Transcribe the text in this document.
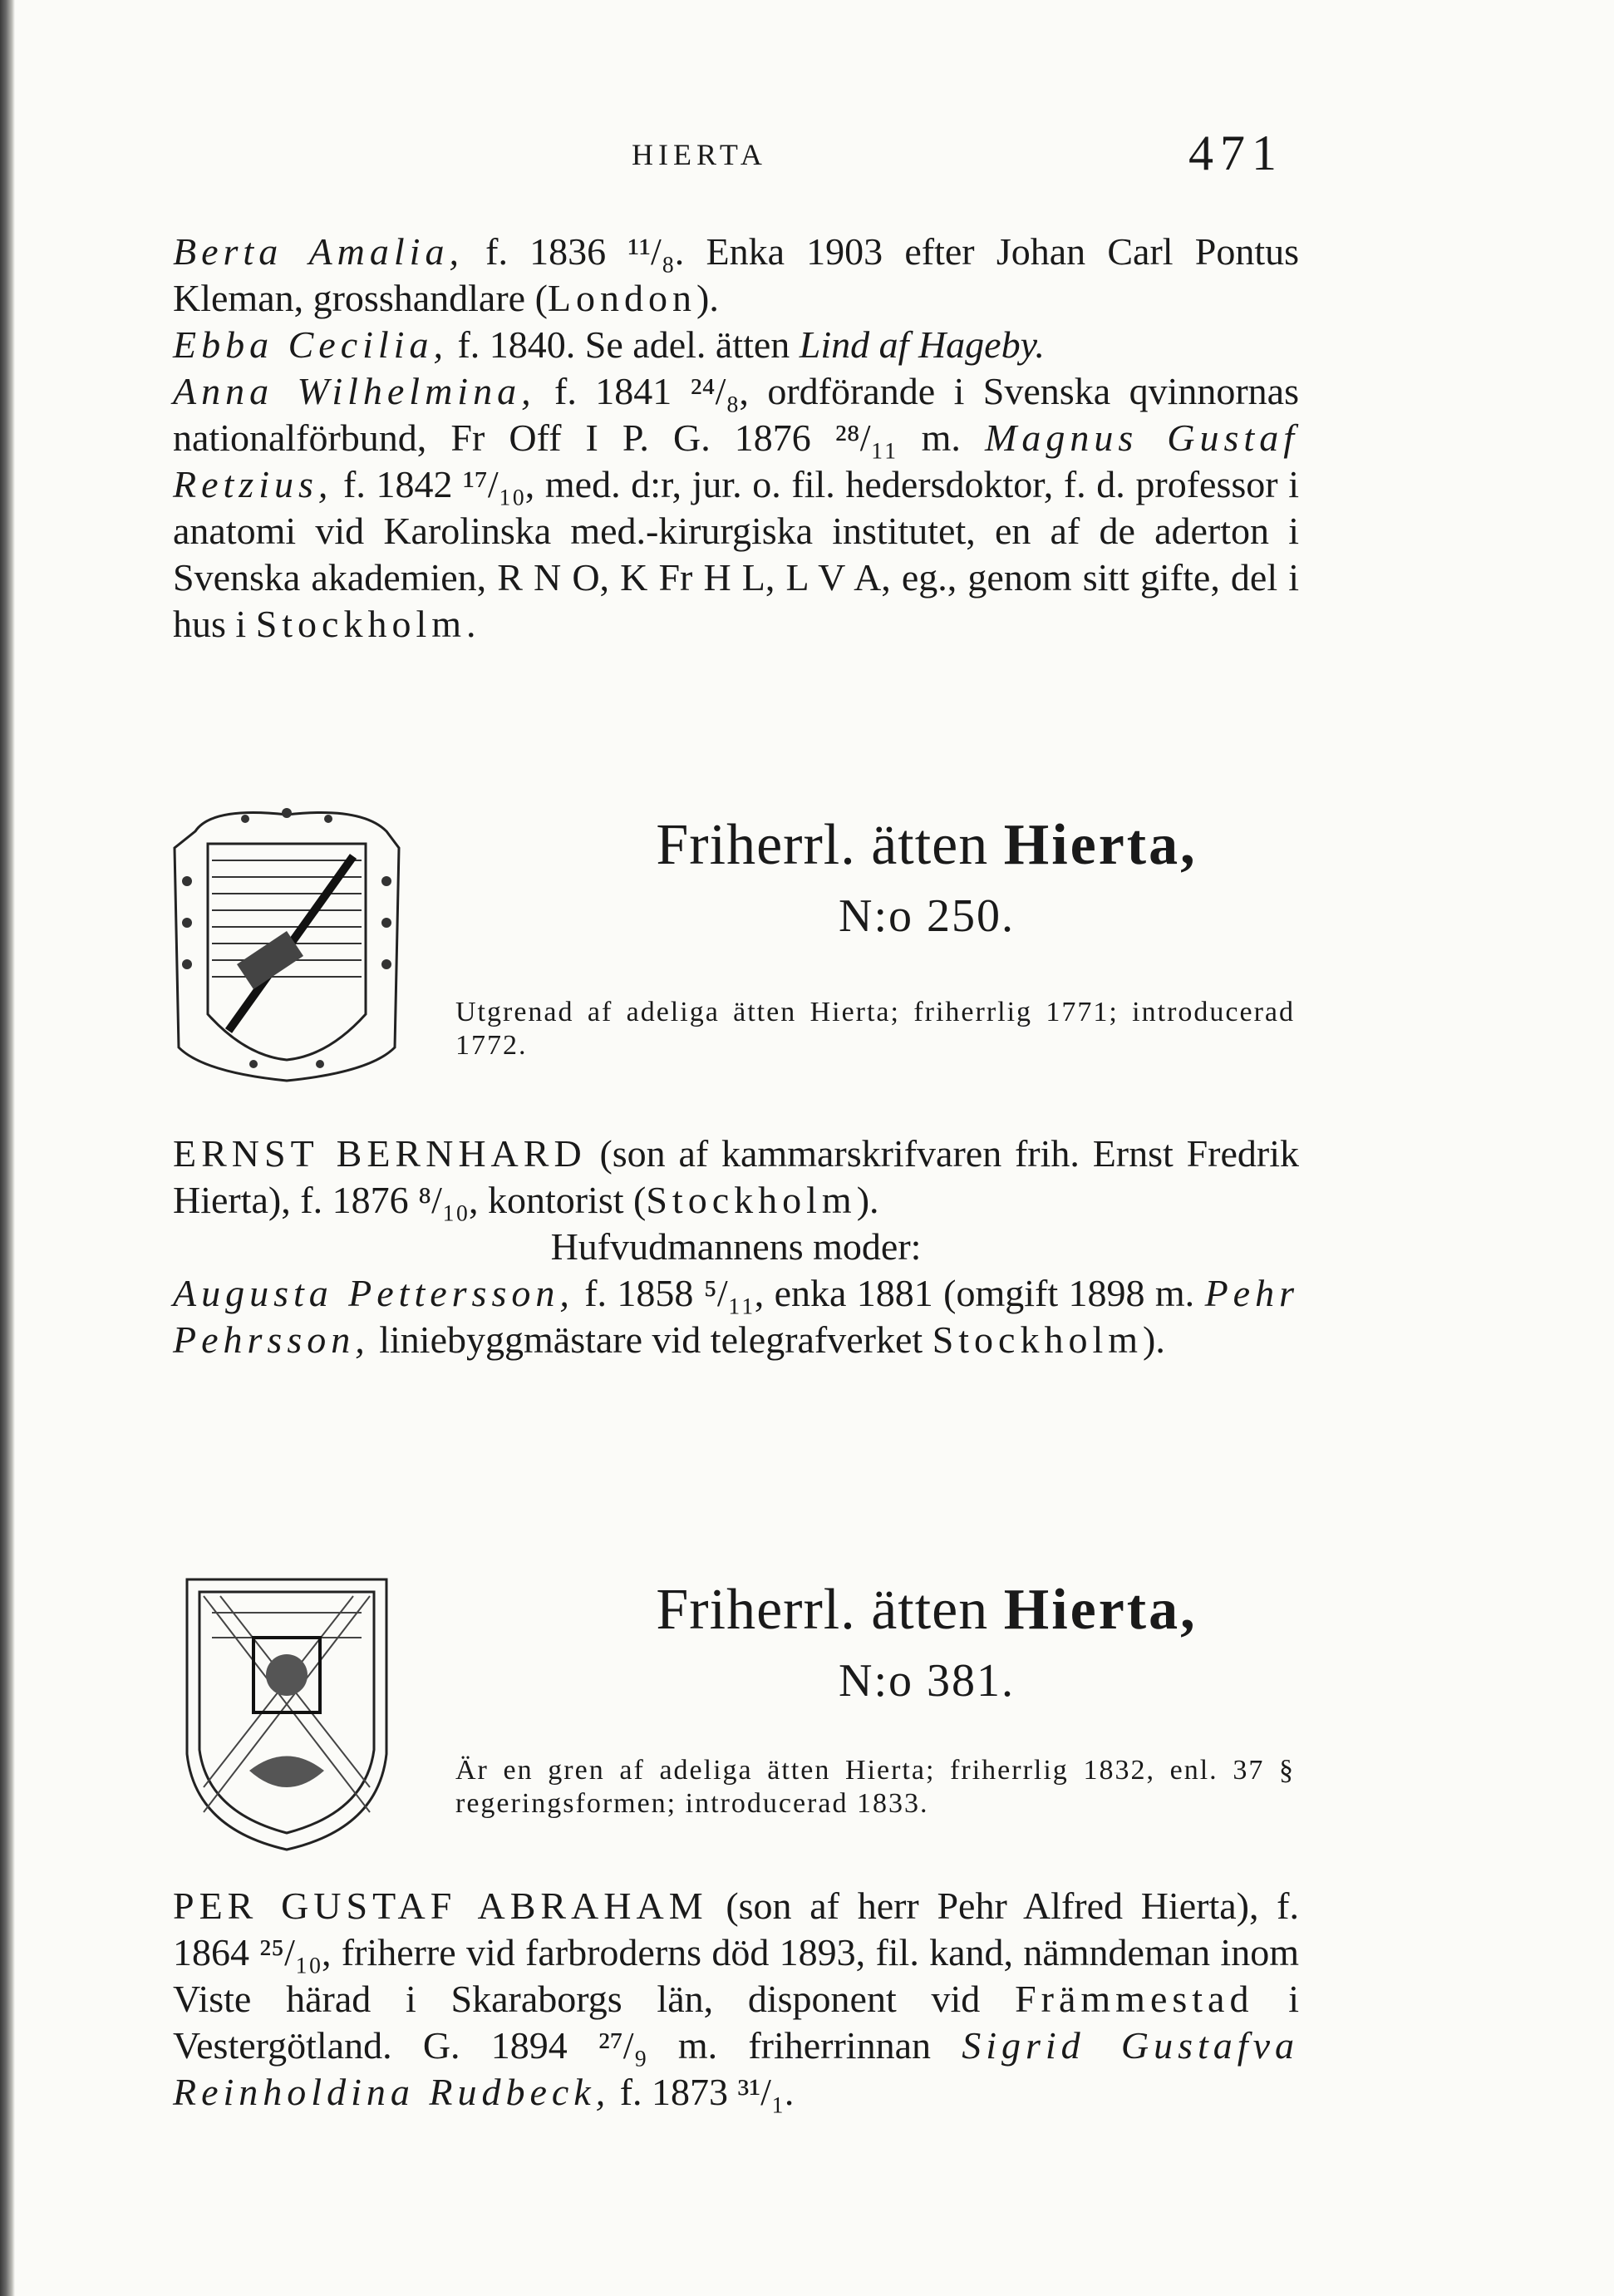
HIERTA	471

Berta Amalia, f. 1836 ¹¹/₈. Enka 1903 efter Johan Carl Pontus Kleman, grosshandlare (London).

Ebba Cecilia, f. 1840. Se adel. ätten Lind af Hageby.

Anna Wilhelmina, f. 1841 ²⁴/₈, ordförande i Svenska qvinnornas nationalförbund, Fr Off I P. G. 1876 ²⁸/₁₁ m. Magnus Gustaf Retzius, f. 1842 ¹⁷/₁₀, med. d:r, jur. o. fil. hedersdoktor, f. d. professor i anatomi vid Karolinska med.-kirurgiska institutet, en af de aderton i Svenska akademien, R N O, K Fr H L, L V A, eg., genom sitt gifte, del i hus i Stockholm.

Friherrl. ätten Hierta,
N:o 250.
Utgrenad af adeliga ätten Hierta; friherrlig 1771; introducerad 1772.

ERNST BERNHARD (son af kammarskrifvaren frih. Ernst Fredrik Hierta), f. 1876 ⁸/₁₀, kontorist (Stockholm).

Hufvudmannens moder:

Augusta Pettersson, f. 1858 ⁵/₁₁, enka 1881 (omgift 1898 m. Pehr Pehrsson, liniebyggmästare vid telegrafverket Stockholm).

Friherrl. ätten Hierta,
N:o 381.
Är en gren af adeliga ätten Hierta; friherrlig 1832, enl. 37 § regeringsformen; introducerad 1833.

PER GUSTAF ABRAHAM (son af herr Pehr Alfred Hierta), f. 1864 ²⁵/₁₀, friherre vid farbroderns död 1893, fil. kand, nämndeman inom Viste härad i Skaraborgs län, disponent vid Främmestad i Vestergötland. G. 1894 ²⁷/₉ m. friherrinnan Sigrid Gustafva Reinholdina Rudbeck, f. 1873 ³¹/₁.
